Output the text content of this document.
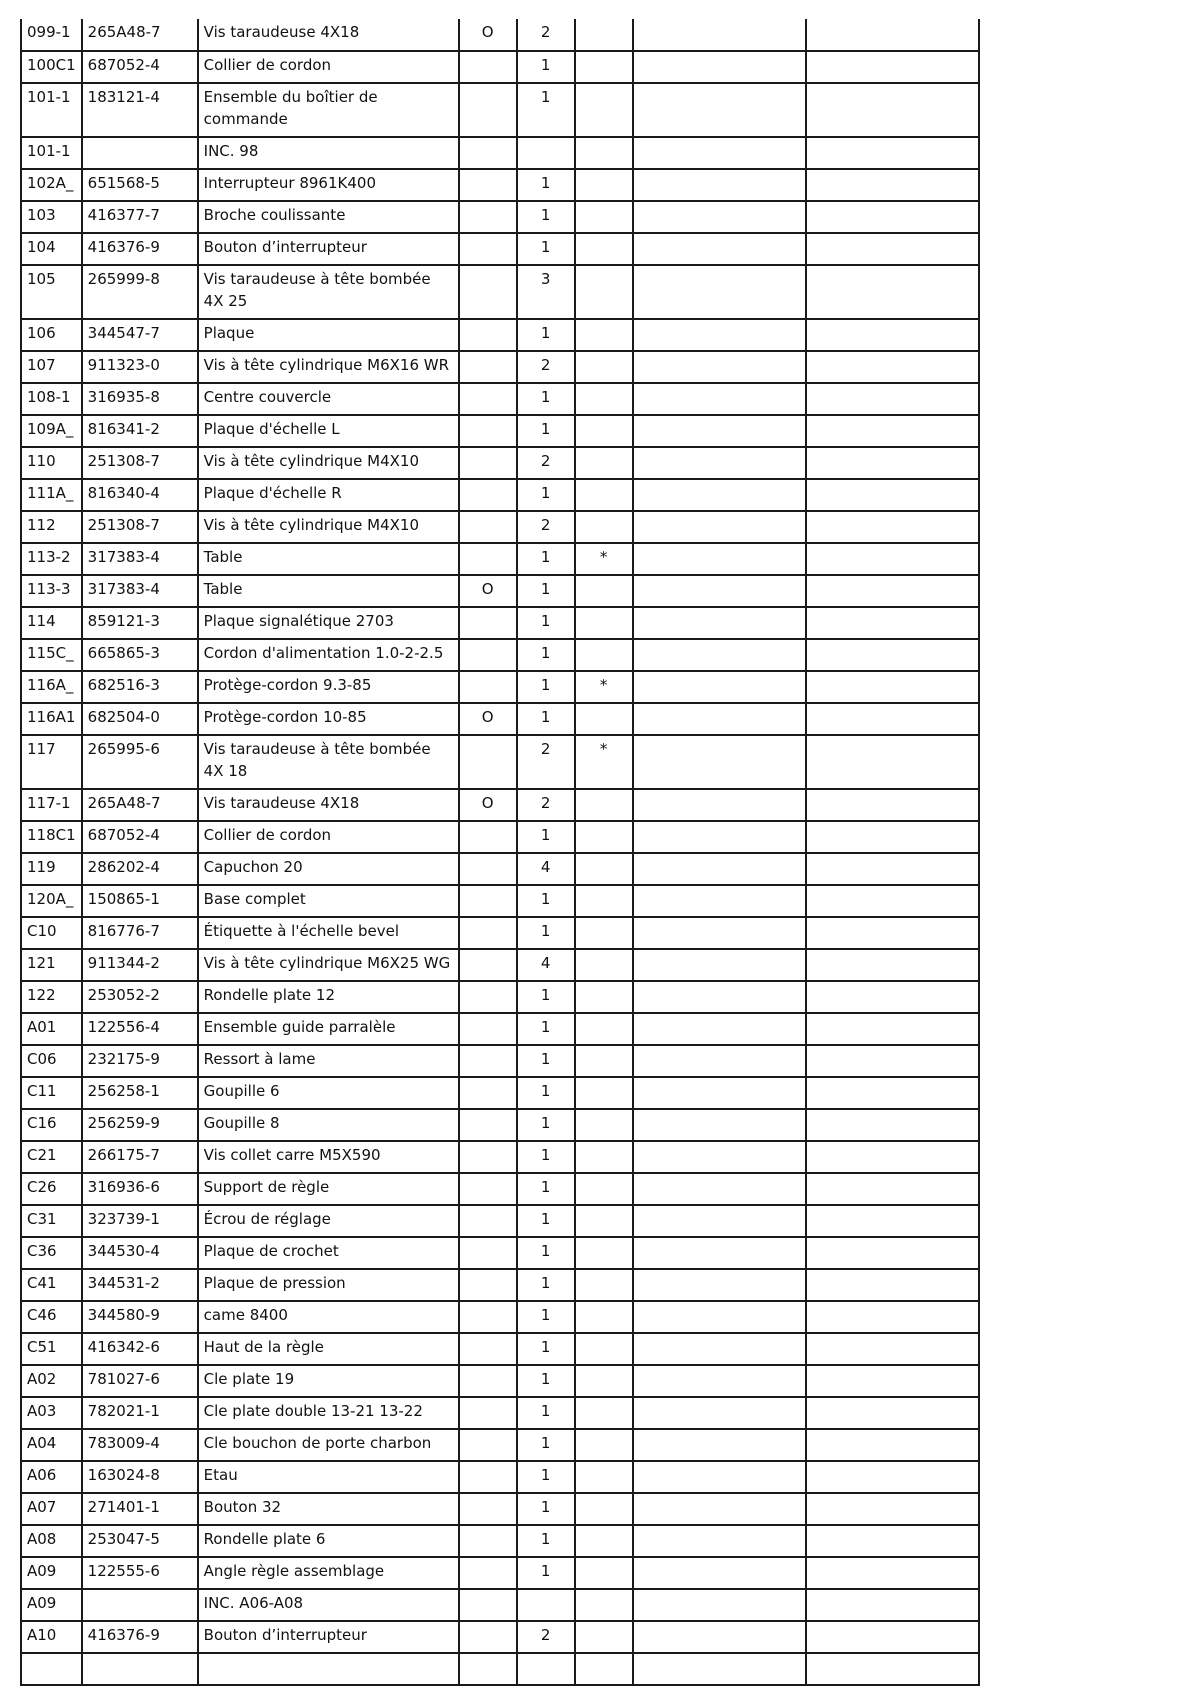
099-1	265A48-7	Vis taraudeuse 4X18	O	2			
100C1	687052-4	Collier de cordon		1			
101-1	183121-4	Ensemble du boîtier de commande		1			
101-1		INC. 98					
102A_	651568-5	Interrupteur 8961K400		1			
103	416377-7	Broche coulissante		1			
104	416376-9	Bouton d’interrupteur		1			
105	265999-8	Vis taraudeuse à tête bombée 4X 25		3			
106	344547-7	Plaque		1			
107	911323-0	Vis à tête cylindrique M6X16 WR		2			
108-1	316935-8	Centre couvercle		1			
109A_	816341-2	Plaque d'échelle L		1			
110	251308-7	Vis à tête cylindrique M4X10		2			
111A_	816340-4	Plaque d'échelle R		1			
112	251308-7	Vis à tête cylindrique M4X10		2			
113-2	317383-4	Table		1	*		
113-3	317383-4	Table	O	1			
114	859121-3	Plaque signalétique 2703		1			
115C_	665865-3	Cordon d'alimentation 1.0-2-2.5		1			
116A_	682516-3	Protège-cordon 9.3-85		1	*		
116A1	682504-0	Protège-cordon 10-85	O	1			
117	265995-6	Vis taraudeuse à tête bombée 4X 18		2	*		
117-1	265A48-7	Vis taraudeuse 4X18	O	2			
118C1	687052-4	Collier de cordon		1			
119	286202-4	Capuchon 20		4			
120A_	150865-1	Base complet		1			
C10	816776-7	Étiquette à l'échelle bevel		1			
121	911344-2	Vis à tête cylindrique M6X25 WG		4			
122	253052-2	Rondelle plate 12		1			
A01	122556-4	Ensemble guide parralèle		1			
C06	232175-9	Ressort à lame		1			
C11	256258-1	Goupille 6		1			
C16	256259-9	Goupille 8		1			
C21	266175-7	Vis collet carre M5X590		1			
C26	316936-6	Support de règle		1			
C31	323739-1	Écrou de réglage		1			
C36	344530-4	Plaque de crochet		1			
C41	344531-2	Plaque de pression		1			
C46	344580-9	came 8400		1			
C51	416342-6	Haut de la règle		1			
A02	781027-6	Cle plate 19		1			
A03	782021-1	Cle plate double 13-21 13-22		1			
A04	783009-4	Cle bouchon de porte charbon		1			
A06	163024-8	Etau		1			
A07	271401-1	Bouton 32		1			
A08	253047-5	Rondelle plate 6		1			
A09	122555-6	Angle règle assemblage		1			
A09		INC. A06-A08					
A10	416376-9	Bouton d’interrupteur		2			
